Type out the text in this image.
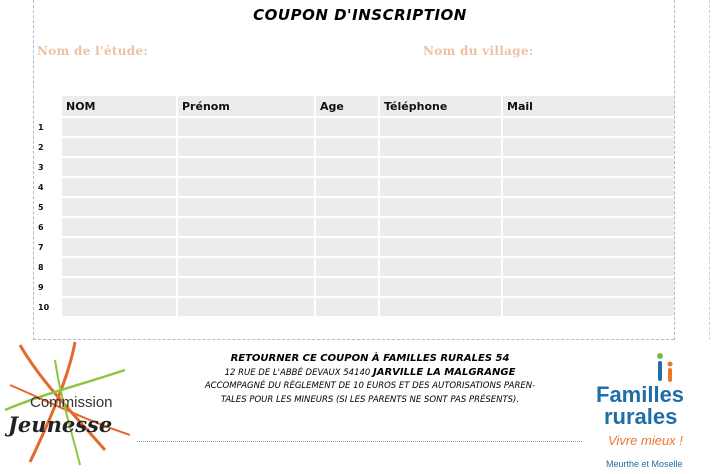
COUPON D'INSCRIPTION
Nom de l'étude:	Nom du village:
	NOM	Prénom	Age	Téléphone	Mail
1					
2					
3					
4					
5					
6					
7					
8					
9					
10					
RETOURNER CE COUPON À FAMILLES RURALES 54
12 RUE DE L'ABBÉ DEVAUX 54140 JARVILLE LA MALGRANGE
ACCOMPAGNÉ DU RÈGLEMENT DE 10 EUROS ET DES AUTORISATIONS PAREN-
TALES POUR LES MINEURS (SI LES PARENTS NE SONT PAS PRÉSENTS).
Commission
Jeunesse
Familles
rurales
Vivre mieux !
Meurthe et Moselle
